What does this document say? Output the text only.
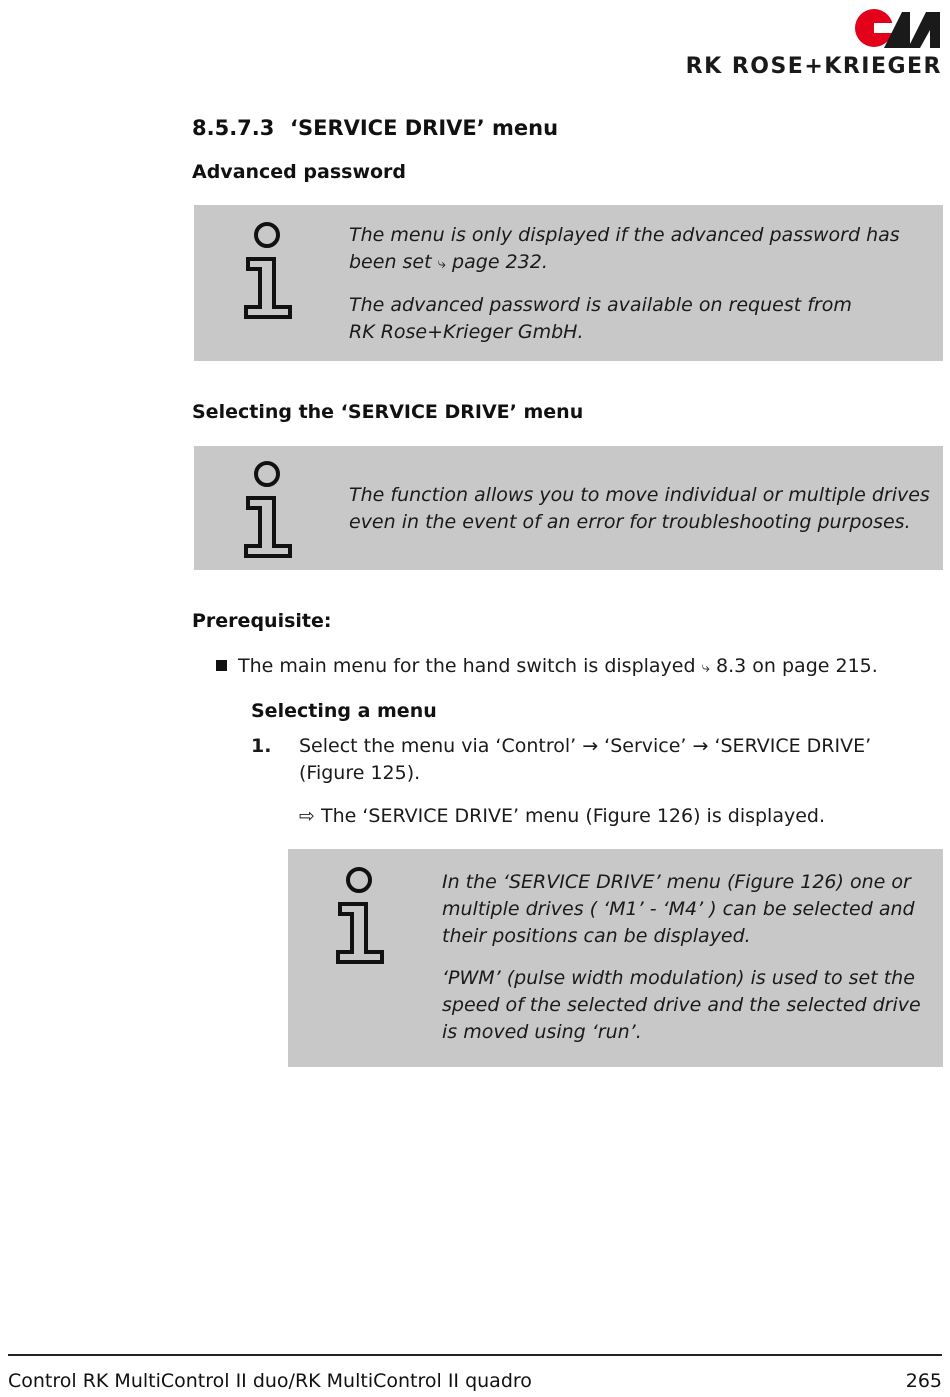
RK ROSE+KRIEGER
8.5.7.3 ‘SERVICE DRIVE’ menu
Advanced password

The menu is only displayed if the advanced password has
been set ⤷ page 232.

The advanced password is available on request from
RK Rose+Krieger GmbH.

Selecting the ‘SERVICE DRIVE’ menu

The function allows you to move individual or multiple drives
even in the event of an error for troubleshooting purposes.

Prerequisite:
The main menu for the hand switch is displayed ⤷ 8.3 on page 215.
Selecting a menu
1. Select the menu via ‘Control’ → ‘Service’ → ‘SERVICE DRIVE’
(Figure 125).
⇨ The ‘SERVICE DRIVE’ menu (Figure 126) is displayed.

In the ‘SERVICE DRIVE’ menu (Figure 126) one or
multiple drives ( ‘M1’ - ‘M4’ ) can be selected and
their positions can be displayed.

‘PWM’ (pulse width modulation) is used to set the
speed of the selected drive and the selected drive
is moved using ‘run’.

Control RK MultiControl II duo/RK MultiControl II quadro	265
